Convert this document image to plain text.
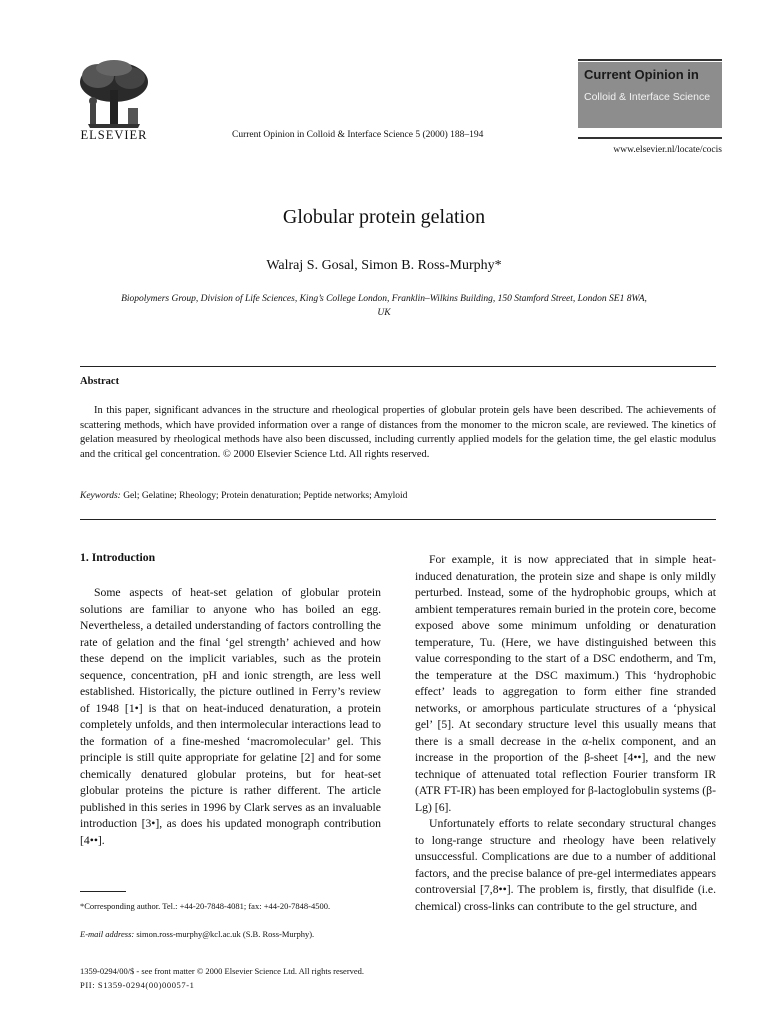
ELSEVIER	Current Opinion in Colloid & Interface Science 5 (2000) 188–194
Current Opinion in
Colloid & Interface Science
www.elsevier.nl/locate/cocis
Globular protein gelation
Walraj S. Gosal, Simon B. Ross-Murphy*
Biopolymers Group, Division of Life Sciences, King’s College London, Franklin–Wilkins Building, 150 Stamford Street, London SE1 8WA, UK
Abstract
In this paper, significant advances in the structure and rheological properties of globular protein gels have been described. The achievements of scattering methods, which have provided information over a range of distances from the monomer to the micron scale, are reviewed. The kinetics of gelation measured by rheological methods have also been discussed, including currently applied models for the gelation time, the gel elastic modulus and the critical gel concentration. © 2000 Elsevier Science Ltd. All rights reserved.
Keywords: Gel; Gelatine; Rheology; Protein denaturation; Peptide networks; Amyloid
1. Introduction

Some aspects of heat-set gelation of globular protein solutions are familiar to anyone who has boiled an egg. Nevertheless, a detailed understanding of factors controlling the rate of gelation and the final ‘gel strength’ achieved and how these depend on the implicit variables, such as the protein sequence, concentration, pH and ionic strength, are less well established. Historically, the picture outlined in Ferry’s review of 1948 [1•] is that on heat-induced denaturation, a protein completely unfolds, and then intermolecular interactions lead to the formation of a fine-meshed ‘macromolecular’ gel. This principle is still quite appropriate for gelatine [2] and for some chemically denatured globular proteins, but for heat-set globular proteins the picture is rather different. The article published in this series in 1996 by Clark serves as an invaluable introduction [3•], as does his updated monograph contribution [4••].

For example, it is now appreciated that in simple heat-induced denaturation, the protein size and shape is only mildly perturbed. Instead, some of the hydrophobic groups, which at ambient temperatures remain buried in the protein core, become exposed above some minimum unfolding or denaturation temperature, Tu. (Here, we have distinguished between this value corresponding to the start of a DSC endotherm, and Tm, the temperature at the DSC maximum.) This ‘hydrophobic effect’ leads to aggregation to form either fine stranded networks, or amorphous particulate structures of a ‘physical gel’ [5]. At secondary structure level this usually means that there is a small decrease in the α-helix component, and an increase in the proportion of the β-sheet [4••], and the new technique of attenuated total reflection Fourier transform IR (ATR FT-IR) has been employed for β-lactoglobulin systems (β-Lg) [6].

Unfortunately efforts to relate secondary structural changes to long-range structure and rheology have been relatively unsuccessful. Complications are due to a number of additional factors, and the precise balance of pre-gel intermediates appears controversial [7,8••]. The problem is, firstly, that disulfide (i.e. chemical) cross-links can contribute to the gel structure, and

*Corresponding author. Tel.: +44-20-7848-4081; fax: +44-20-7848-4500.
E-mail address: simon.ross-murphy@kcl.ac.uk (S.B. Ross-Murphy).
1359-0294/00/$ - see front matter © 2000 Elsevier Science Ltd. All rights reserved.
PII: S1359-0294(00)00057-1
